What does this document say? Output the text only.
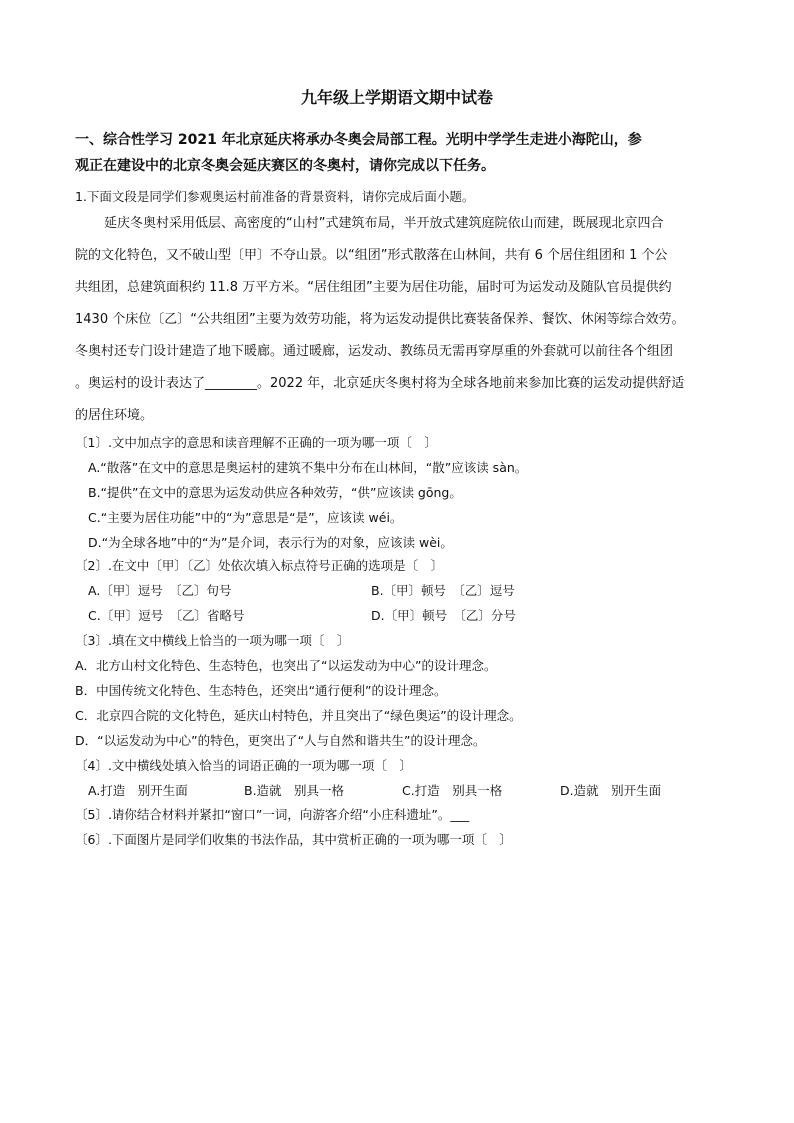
九年级上学期语文期中试卷
一、综合性学习 2021 年北京延庆将承办冬奥会局部工程。光明中学学生走进小海陀山，参
观正在建设中的北京冬奥会延庆赛区的冬奥村，请你完成以下任务。
1.下面文段是同学们参观奥运村前准备的背景资料，请你完成后面小题。
延庆冬奥村采用低层、高密度的“山村”式建筑布局，半开放式建筑庭院依山而建，既展现北京四合
院的文化特色，又不破山型〔甲〕不夺山景。以“组团”形式散落在山林间，共有 6 个居住组团和 1 个公
共组团，总建筑面积约 11.8 万平方米。“居住组团”主要为居住功能，届时可为运发动及随队官员提供约
1430 个床位〔乙〕“公共组团”主要为效劳功能，将为运发动提供比赛装备保养、餐饮、休闲等综合效劳。
冬奥村还专门设计建造了地下暖廊。通过暖廊，运发动、教练员无需再穿厚重的外套就可以前往各个组团
。奥运村的设计表达了________。2022 年，北京延庆冬奥村将为全球各地前来参加比赛的运发动提供舒适
的居住环境。
〔1〕.文中加点字的意思和读音理解不正确的一项为哪一项〔　〕
A.“散落”在文中的意思是奥运村的建筑不集中分布在山林间，“散”应该读 sàn。
B.“提供”在文中的意思为运发动供应各种效劳，“供”应该读 gōng。
C.“主要为居住功能”中的“为”意思是“是”，应该读 wéi。
D.“为全球各地”中的“为”是介词，表示行为的对象，应该读 wèi。
〔2〕.在文中〔甲〕〔乙〕处依次填入标点符号正确的选项是〔　〕
A.〔甲〕逗号　〔乙〕句号	B.〔甲〕顿号　〔乙〕逗号
C.〔甲〕逗号　〔乙〕省略号	D.〔甲〕顿号　〔乙〕分号
〔3〕.填在文中横线上恰当的一项为哪一项〔　〕
A．北方山村文化特色、生态特色，也突出了“以运发动为中心”的设计理念。
B．中国传统文化特色、生态特色，还突出“通行便利”的设计理念。
C．北京四合院的文化特色，延庆山村特色，并且突出了“绿色奥运”的设计理念。
D．“以运发动为中心”的特色，更突出了“人与自然和谐共生”的设计理念。
〔4〕.文中横线处填入恰当的词语正确的一项为哪一项〔　〕
A.打造　别开生面	B.造就　别具一格	C.打造　别具一格	D.造就　别开生面
〔5〕.请你结合材料并紧扣“窗口”一词，向游客介绍“小庄科遗址”。___
〔6〕.下面图片是同学们收集的书法作品，其中赏析正确的一项为哪一项〔　〕
